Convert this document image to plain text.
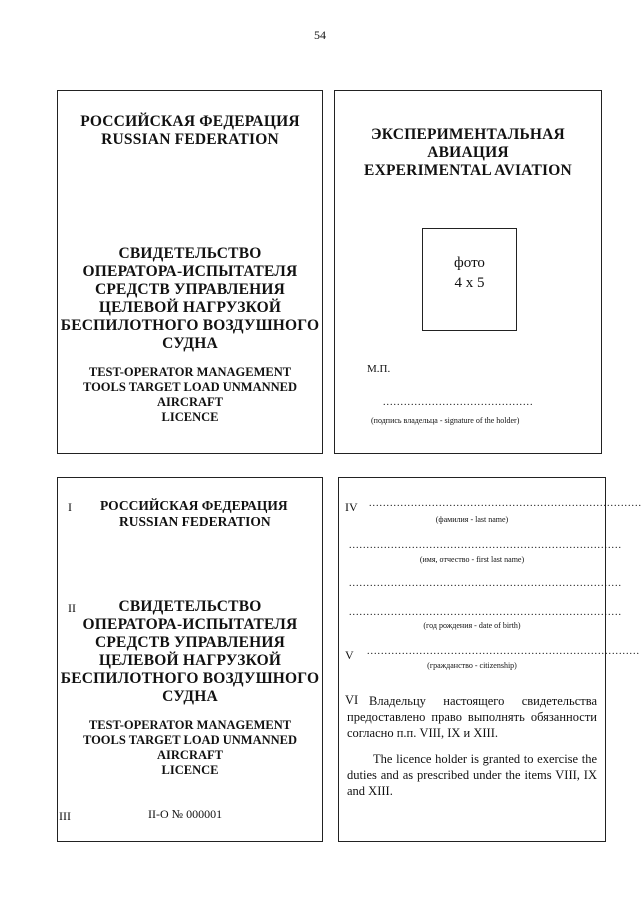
54
РОССИЙСКАЯ ФЕДЕРАЦИЯ
RUSSIAN FEDERATION
СВИДЕТЕЛЬСТВО
ОПЕРАТОРА-ИСПЫТАТЕЛЯ
СРЕДСТВ УПРАВЛЕНИЯ
ЦЕЛЕВОЙ НАГРУЗКОЙ
БЕСПИЛОТНОГО ВОЗДУШНОГО
СУДНА
TEST-OPERATOR MANAGEMENT
TOOLS TARGET LOAD UNMANNED
AIRCRAFT
LICENCE
ЭКСПЕРИМЕНТАЛЬНАЯ
АВИАЦИЯ
EXPERIMENTAL AVIATION
фото
4 x 5
М.П.
...........................................
(подпись владельца - signature of the holder)
I РОССИЙСКАЯ ФЕДЕРАЦИЯ
RUSSIAN FEDERATION
II	СВИДЕТЕЛЬСТВО
ОПЕРАТОРА-ИСПЫТАТЕЛЯ
СРЕДСТВ УПРАВЛЕНИЯ
ЦЕЛЕВОЙ НАГРУЗКОЙ
БЕСПИЛОТНОГО ВОЗДУШНОГО
СУДНА
TEST-OPERATOR MANAGEMENT
TOOLS TARGET LOAD UNMANNED
AIRCRAFT
LICENCE
III	II-O № 000001
IV ..............................................................................
(фамилия - last name)
..............................................................................
(имя, отчество - first last name)
..............................................................................
..............................................................................
(год рождения - date of birth)
V ..............................................................................
(гражданство - citizenship)
VI Владельцу настоящего свидетельства предоставлено право выполнять обязанности согласно п.п. VIII, IX и XIII.
The licence holder is granted to exercise the duties and as prescribed under the items VIII, IX and XIII.
